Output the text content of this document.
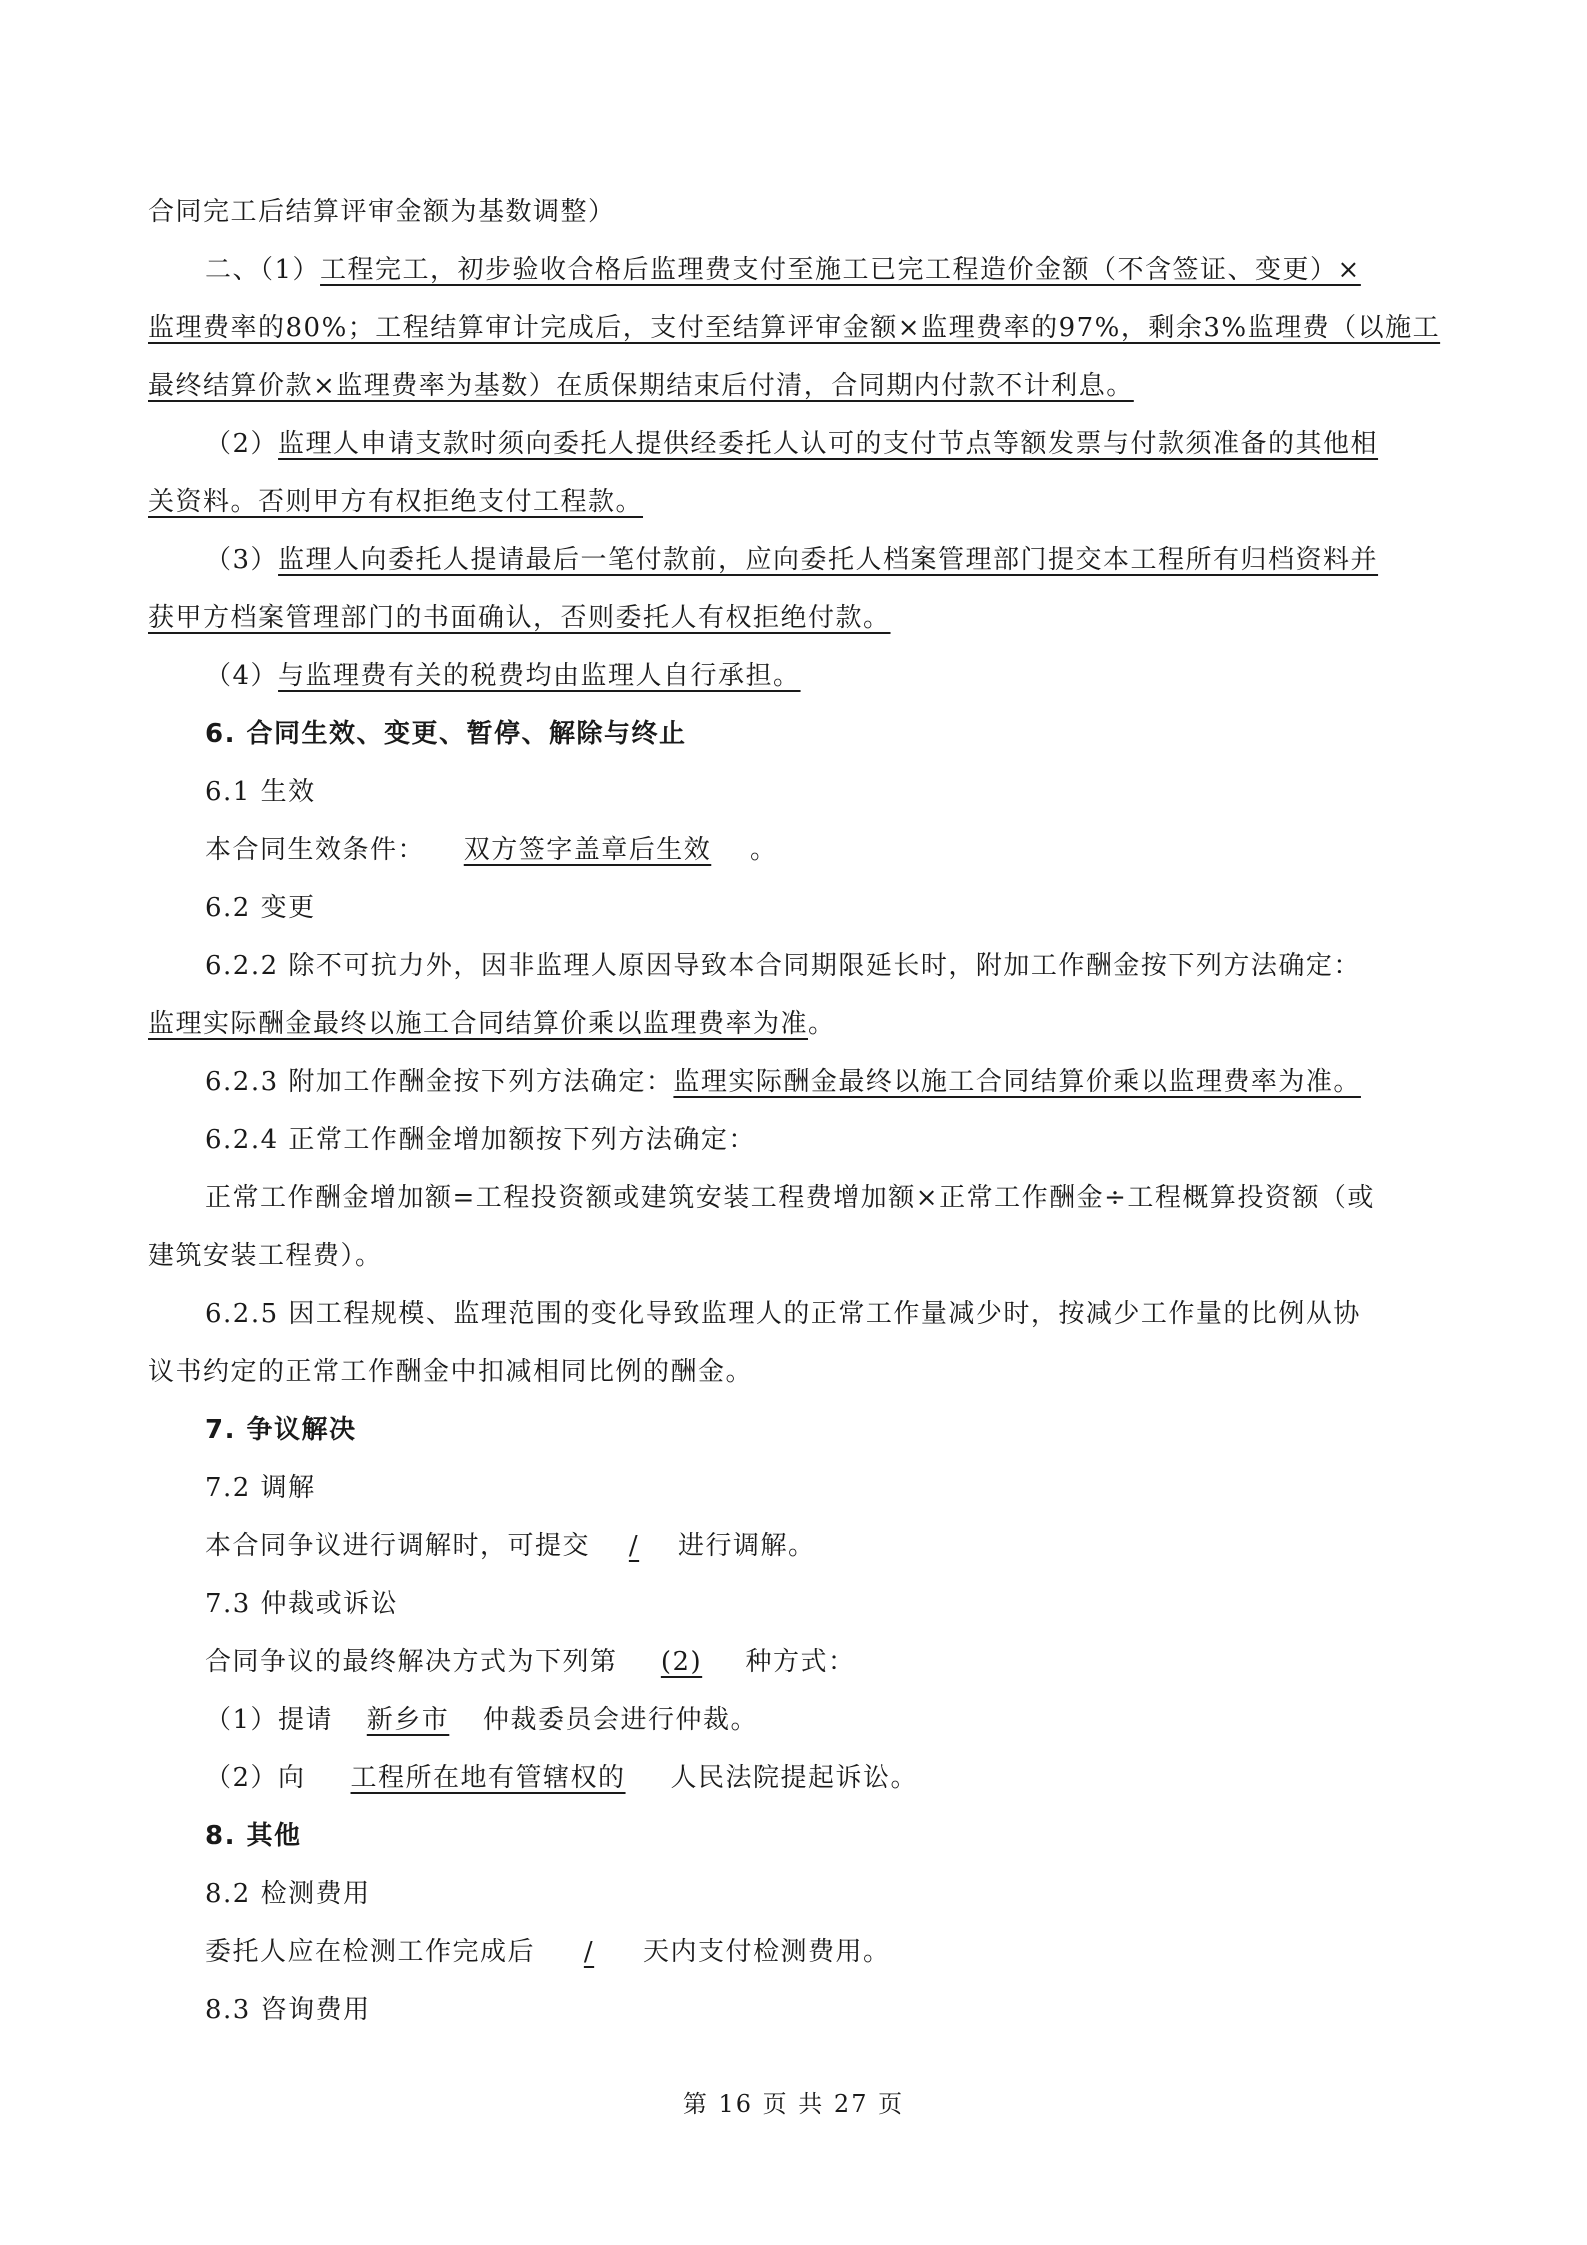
合同完工后结算评审金额为基数调整）
二、（1）工程完工，初步验收合格后监理费支付至施工已完工程造价金额（不含签证、变更）×
监理费率的80%；工程结算审计完成后，支付至结算评审金额×监理费率的97%，剩余3%监理费（以施工
最终结算价款×监理费率为基数）在质保期结束后付清，合同期内付款不计利息。
（2）监理人申请支款时须向委托人提供经委托人认可的支付节点等额发票与付款须准备的其他相
关资料。否则甲方有权拒绝支付工程款。
（3）监理人向委托人提请最后一笔付款前，应向委托人档案管理部门提交本工程所有归档资料并
获甲方档案管理部门的书面确认，否则委托人有权拒绝付款。
（4）与监理费有关的税费均由监理人自行承担。
6. 合同生效、变更、暂停、解除与终止
6.1 生效
本合同生效条件： 双方签字盖章后生效 。
6.2 变更
6.2.2 除不可抗力外，因非监理人原因导致本合同期限延长时，附加工作酬金按下列方法确定：
监理实际酬金最终以施工合同结算价乘以监理费率为准。
6.2.3 附加工作酬金按下列方法确定：监理实际酬金最终以施工合同结算价乘以监理费率为准。
6.2.4 正常工作酬金增加额按下列方法确定：
正常工作酬金增加额=工程投资额或建筑安装工程费增加额×正常工作酬金÷工程概算投资额（或
建筑安装工程费）。
6.2.5 因工程规模、监理范围的变化导致监理人的正常工作量减少时，按减少工作量的比例从协
议书约定的正常工作酬金中扣减相同比例的酬金。
7. 争议解决
7.2 调解
本合同争议进行调解时，可提交 / 进行调解。
7.3 仲裁或诉讼
合同争议的最终解决方式为下列第 (2) 种方式：
（1）提请 新乡市 仲裁委员会进行仲裁。
（2）向 工程所在地有管辖权的 人民法院提起诉讼。
8. 其他
8.2 检测费用
委托人应在检测工作完成后 / 天内支付检测费用。
8.3 咨询费用
第 16 页 共 27 页
